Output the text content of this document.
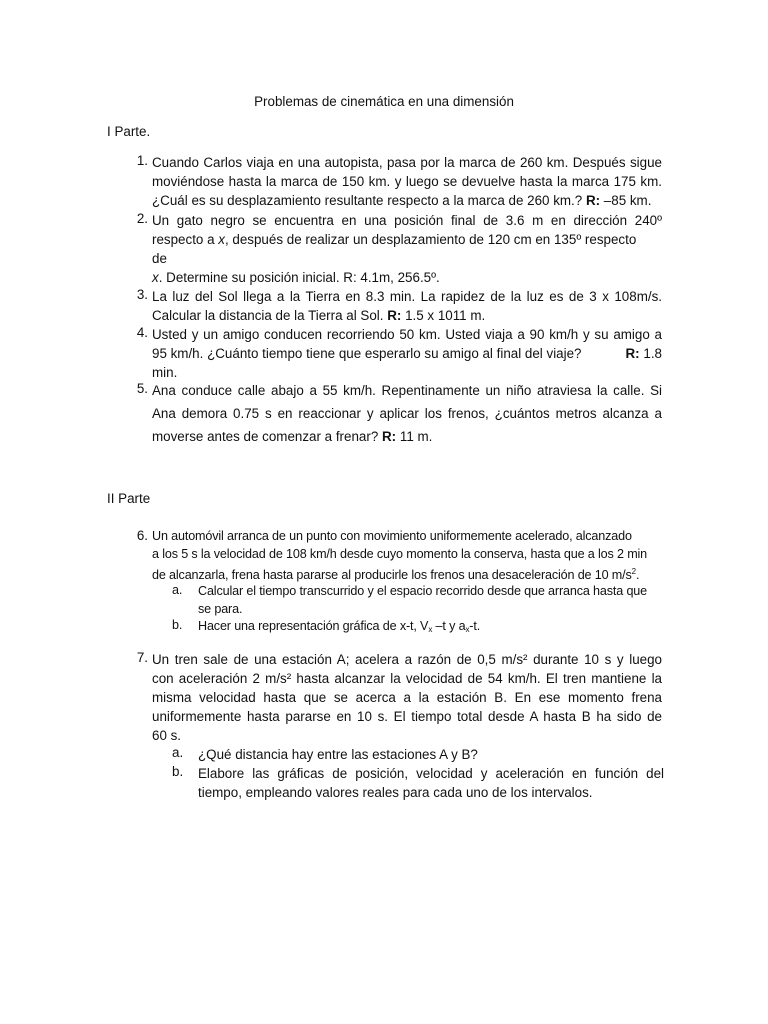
Problemas de cinemática en una dimensión
I Parte.
1. Cuando Carlos viaja en una autopista, pasa por la marca de 260 km. Después sigue
moviéndose hasta la marca de 150 km. y luego se devuelve hasta la marca 175 km.
¿Cuál es su desplazamiento resultante respecto a la marca de 260 km.? R: –85 km.
2. Un gato negro se encuentra en una posición final de 3.6 m en dirección 240º
respecto a x, después de realizar un desplazamiento de 120 cm en 135º respecto
de
x. Determine su posición inicial. R: 4.1m, 256.5º.
3. La luz del Sol llega a la Tierra en 8.3 min. La rapidez de la luz es de 3 x 108m/s.
Calcular la distancia de la Tierra al Sol. R: 1.5 x 1011 m.
4. Usted y un amigo conducen recorriendo 50 km. Usted viaja a 90 km/h y su amigo a
95 km/h. ¿Cuánto tiempo tiene que esperarlo su amigo al final del viaje?	R: 1.8
min.
5. Ana conduce calle abajo a 55 km/h. Repentinamente un niño atraviesa la calle. Si
Ana demora 0.75 s en reaccionar y aplicar los frenos, ¿cuántos metros alcanza a
moverse antes de comenzar a frenar? R: 11 m.
II Parte
6. Un automóvil arranca de un punto con movimiento uniformemente acelerado, alcanzado
a los 5 s la velocidad de 108 km/h desde cuyo momento la conserva, hasta que a los 2 min
de alcanzarla, frena hasta pararse al producirle los frenos una desaceleración de 10 $m/s^2$.
a. Calcular el tiempo transcurrido y el espacio recorrido desde que arranca hasta que
se para.
b. Hacer una representación gráfica de x-t, $V_x$ –t y $a_x-t$.
7. Un tren sale de una estación A; acelera a razón de 0,5 m/s² durante 10 s y luego
con aceleración 2 m/s² hasta alcanzar la velocidad de 54 km/h. El tren mantiene la
misma velocidad hasta que se acerca a la estación B. En ese momento frena
uniformemente hasta pararse en 10 s. El tiempo total desde A hasta B ha sido de
60 s.
a. ¿Qué distancia hay entre las estaciones A y B?
b. Elabore las gráficas de posición, velocidad y aceleración en función del
tiempo, empleando valores reales para cada uno de los intervalos.
